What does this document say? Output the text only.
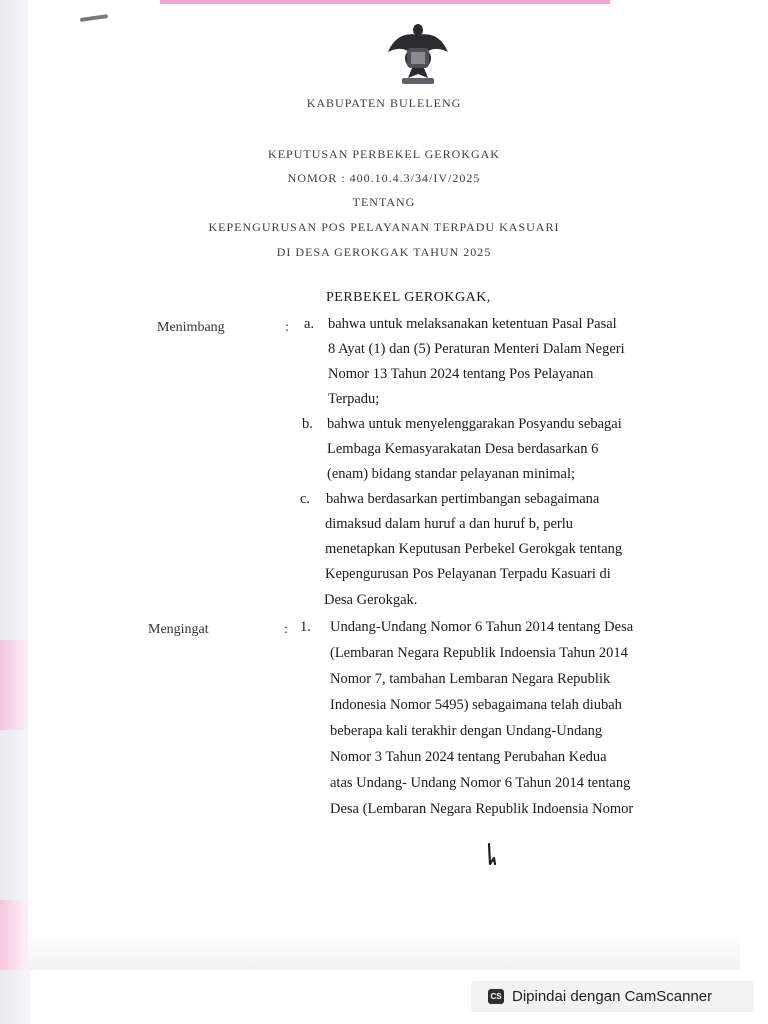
KABUPATEN BULELENG
KEPUTUSAN PERBEKEL GEROKGAK
NOMOR : 400.10.4.3/34/IV/2025
TENTANG
KEPENGURUSAN POS PELAYANAN TERPADU KASUARI
DI DESA GEROKGAK TAHUN 2025
PERBEKEL GEROKGAK,
Menimbang	: a. bahwa untuk melaksanakan ketentuan Pasal Pasal
8 Ayat (1) dan (5) Peraturan Menteri Dalam Negeri
Nomor 13 Tahun 2024 tentang Pos Pelayanan
Terpadu;
b. bahwa untuk menyelenggarakan Posyandu sebagai
Lembaga Kemasyarakatan Desa berdasarkan 6
(enam) bidang standar pelayanan minimal;
c. bahwa berdasarkan pertimbangan sebagaimana
dimaksud dalam huruf a dan huruf b, perlu
menetapkan Keputusan Perbekel Gerokgak tentang
Kepengurusan Pos Pelayanan Terpadu Kasuari di
Desa Gerokgak.
Mengingat	: 1. Undang-Undang Nomor 6 Tahun 2014 tentang Desa
(Lembaran Negara Republik Indoensia Tahun 2014
Nomor 7, tambahan Lembaran Negara Republik
Indonesia Nomor 5495) sebagaimana telah diubah
beberapa kali terakhir dengan Undang-Undang
Nomor 3 Tahun 2024 tentang Perubahan Kedua
atas Undang- Undang Nomor 6 Tahun 2014 tentang
Desa (Lembaran Negara Republik Indoensia Nomor
CS Dipindai dengan CamScanner
